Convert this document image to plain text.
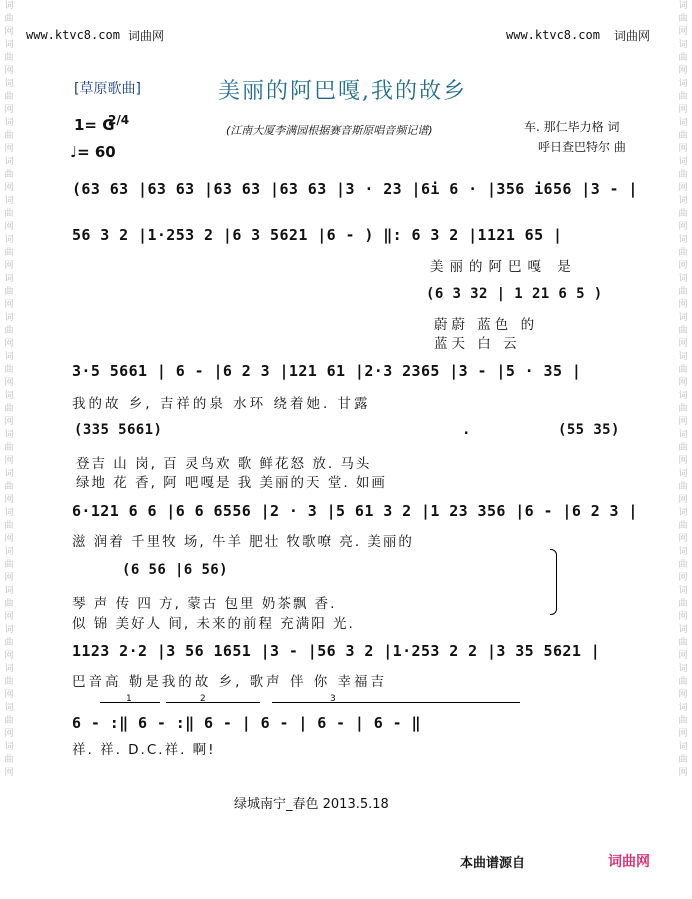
词曲网 词曲网 词曲网 词曲网 词曲网 词曲网 词曲网 词曲网 词曲网 词曲网 词曲网 词曲网 词曲网 词曲网 词曲网 词曲网 词曲网 词曲网 词曲网 词曲网
词曲网 词曲网 词曲网 词曲网 词曲网 词曲网 词曲网 词曲网 词曲网 词曲网 词曲网 词曲网 词曲网 词曲网 词曲网 词曲网 词曲网 词曲网 词曲网 词曲网
www.ktvc8.com 词曲网	www.ktvc8.com 词曲网
[草原歌曲]	美丽的阿巴嘎,我的故乡
(江南大厦李满园根据赛音斯原唱音频记谱)	车. 那仁毕力格 词
呼日查巴特尔 曲
1= G
2/4
♩= 60
(63 63 |63 63 |63 63 |63 63 |3 · 23 |6i 6 · |356 i656 |3 - |
56 3 2 |1·253 2 |6 3 5621 |6 - ) ‖: 6 3 2 |1121 65 |
美丽的阿巴嘎 是
(6 3 32 | 1 21 6 5 )
蔚蔚 蓝色 的
蓝天 白 云
3·5 5661 | 6 - |6 2 3 |121 61 |2·3 2365 |3 - |5 · 35 |
我的故 乡, 吉祥的泉 水环 绕着她. 甘露
(335 5661)	.	(55 35)
登吉 山 岗, 百 灵鸟欢 歌 鲜花怒 放. 马头
绿地 花 香, 阿 吧嘎是 我 美丽的天 堂. 如画
6·121 6 6 |6 6 6556 |2 · 3 |5 61 3 2 |1 23 356 |6 - |6 2 3 |
滋 润着 千里牧 场, 牛羊 肥壮 牧歌嘹 亮. 美丽的
(6 56 |6 56)
琴 声 传 四 方, 蒙古 包里 奶茶飘 香.
似 锦 美好人 间, 未来的前程 充满阳 光.
1123 2·2 |3 56 1651 |3 - |56 3 2 |1·253 2 2 |3 35 5621 |
巴音高 勒是我的故 乡, 歌声 伴 你 幸福吉
1	2	3
6 - :‖ 6 - :‖ 6 - | 6 - | 6 - | 6 - ‖
祥. 祥. D.C.祥. 啊!
绿城南宁_春色 2013.5.18
本曲谱源自	词曲网
